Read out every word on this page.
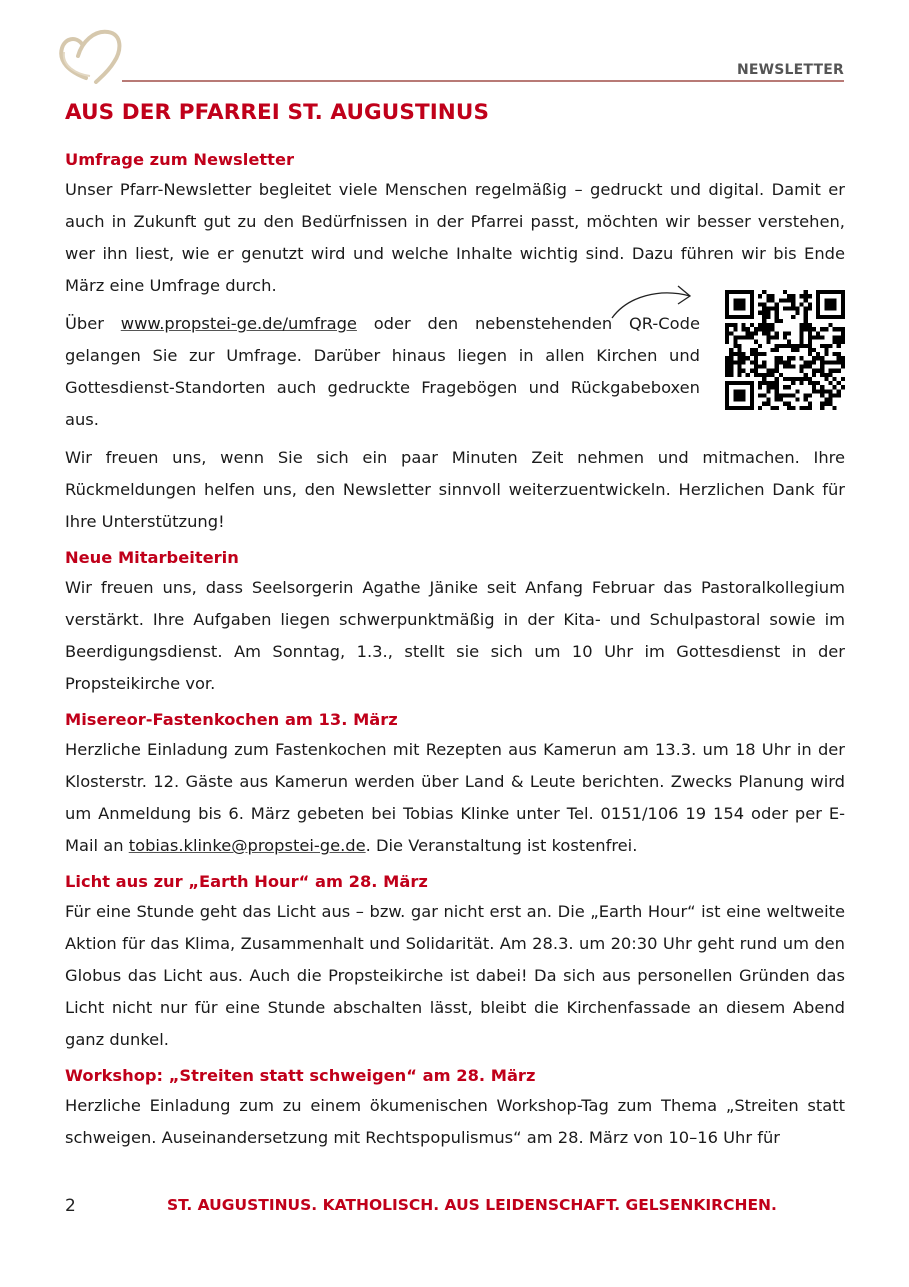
NEWSLETTER
AUS DER PFARREI ST. AUGUSTINUS
Umfrage zum Newsletter

Unser Pfarr-Newsletter begleitet viele Menschen regelmäßig – gedruckt und digital. Damit er auch in Zukunft gut zu den Bedürfnissen in der Pfarrei passt, möchten wir besser verstehen, wer ihn liest, wie er genutzt wird und welche Inhalte wichtig sind. Dazu führen wir bis Ende März eine Umfrage durch.

Über www.propstei-ge.de/umfrage oder den nebenstehenden QR-Code gelangen Sie zur Umfrage. Darüber hinaus liegen in allen Kirchen und Gottesdienst-Standorten auch gedruckte Fragebögen und Rückgabeboxen aus.

Wir freuen uns, wenn Sie sich ein paar Minuten Zeit nehmen und mitmachen. Ihre Rückmeldungen helfen uns, den Newsletter sinnvoll weiterzuentwickeln. Herzlichen Dank für Ihre Unterstützung!

Neue Mitarbeiterin

Wir freuen uns, dass Seelsorgerin Agathe Jänike seit Anfang Februar das Pastoralkollegium verstärkt. Ihre Aufgaben liegen schwerpunktmäßig in der Kita- und Schulpastoral sowie im Beerdigungsdienst. Am Sonntag, 1.3., stellt sie sich um 10 Uhr im Gottesdienst in der Propsteikirche vor.

Misereor-Fastenkochen am 13. März

Herzliche Einladung zum Fastenkochen mit Rezepten aus Kamerun am 13.3. um 18 Uhr in der Klosterstr. 12. Gäste aus Kamerun werden über Land & Leute berichten. Zwecks Planung wird um Anmeldung bis 6. März gebeten bei Tobias Klinke unter Tel. 0151/106 19 154 oder per E-Mail an tobias.klinke@propstei-ge.de. Die Veranstaltung ist kostenfrei.

Licht aus zur „Earth Hour“ am 28. März

Für eine Stunde geht das Licht aus – bzw. gar nicht erst an. Die „Earth Hour“ ist eine weltweite Aktion für das Klima, Zusammenhalt und Solidarität. Am 28.3. um 20:30 Uhr geht rund um den Globus das Licht aus. Auch die Propsteikirche ist dabei! Da sich aus personellen Gründen das Licht nicht nur für eine Stunde abschalten lässt, bleibt die Kirchenfassade an diesem Abend ganz dunkel.

Workshop: „Streiten statt schweigen“ am 28. März

Herzliche Einladung zum zu einem ökumenischen Workshop-Tag zum Thema „Streiten statt schweigen. Auseinandersetzung mit Rechtspopulismus“ am 28. März von 10–16 Uhr für

2	ST. AUGUSTINUS. KATHOLISCH. AUS LEIDENSCHAFT. GELSENKIRCHEN.
